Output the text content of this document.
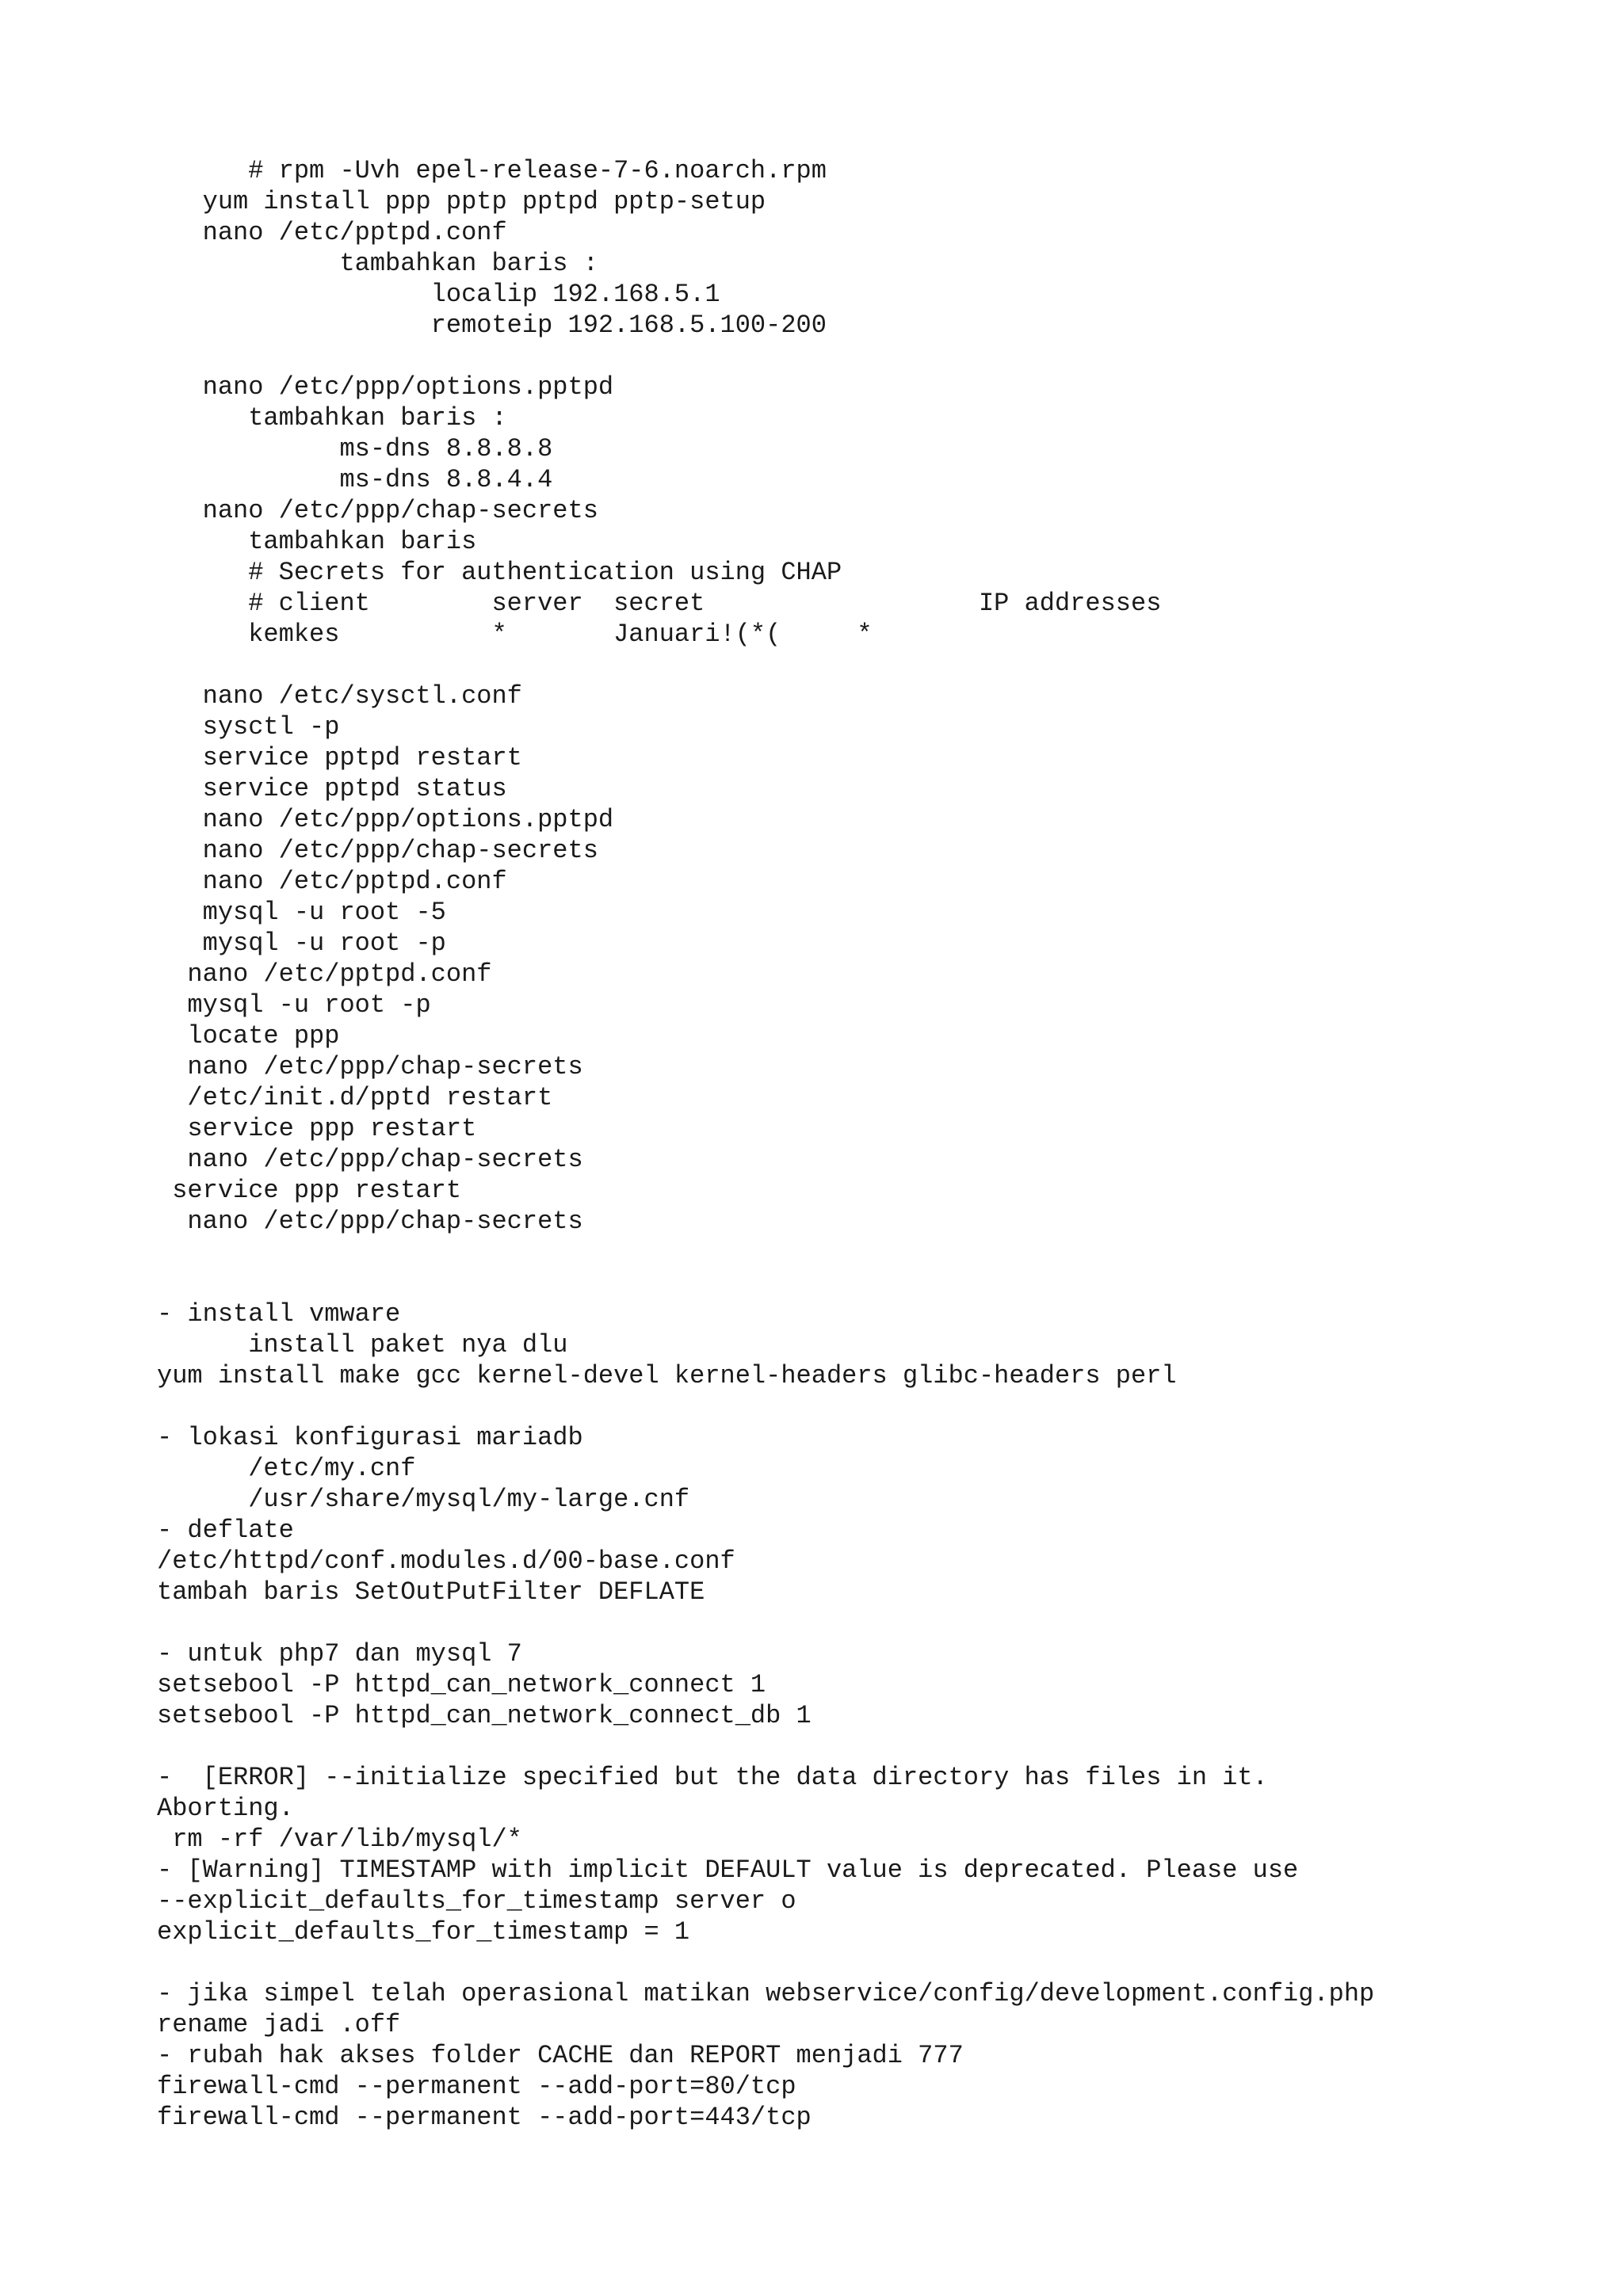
# rpm -Uvh epel-release-7-6.noarch.rpm
yum install ppp pptp pptpd pptp-setup
nano /etc/pptpd.conf
tambahkan baris :
localip 192.168.5.1
remoteip 192.168.5.100-200
nano /etc/ppp/options.pptpd
tambahkan baris :
ms-dns 8.8.8.8
ms-dns 8.8.4.4
nano /etc/ppp/chap-secrets
tambahkan baris
# Secrets for authentication using CHAP
# client        server  secret                  IP addresses
kemkes          *       Januari!(*(     *
nano /etc/sysctl.conf
sysctl -p
service pptpd restart
service pptpd status
nano /etc/ppp/options.pptpd
nano /etc/ppp/chap-secrets
nano /etc/pptpd.conf
mysql -u root -5
mysql -u root -p
nano /etc/pptpd.conf
mysql -u root -p
locate ppp
nano /etc/ppp/chap-secrets
/etc/init.d/pptd restart
service ppp restart
nano /etc/ppp/chap-secrets
service ppp restart
nano /etc/ppp/chap-secrets
- install vmware
install paket nya dlu
yum install make gcc kernel-devel kernel-headers glibc-headers perl
- lokasi konfigurasi mariadb
/etc/my.cnf
/usr/share/mysql/my-large.cnf
- deflate
/etc/httpd/conf.modules.d/00-base.conf
tambah baris SetOutPutFilter DEFLATE
- untuk php7 dan mysql 7
setsebool -P httpd_can_network_connect 1
setsebool -P httpd_can_network_connect_db 1
-  [ERROR] --initialize specified but the data directory has files in it.
Aborting.
rm -rf /var/lib/mysql/*
- [Warning] TIMESTAMP with implicit DEFAULT value is deprecated. Please use
--explicit_defaults_for_timestamp server o
explicit_defaults_for_timestamp = 1
- jika simpel telah operasional matikan webservice/config/development.config.php
rename jadi .off
- rubah hak akses folder CACHE dan REPORT menjadi 777
firewall-cmd --permanent --add-port=80/tcp
firewall-cmd --permanent --add-port=443/tcp
